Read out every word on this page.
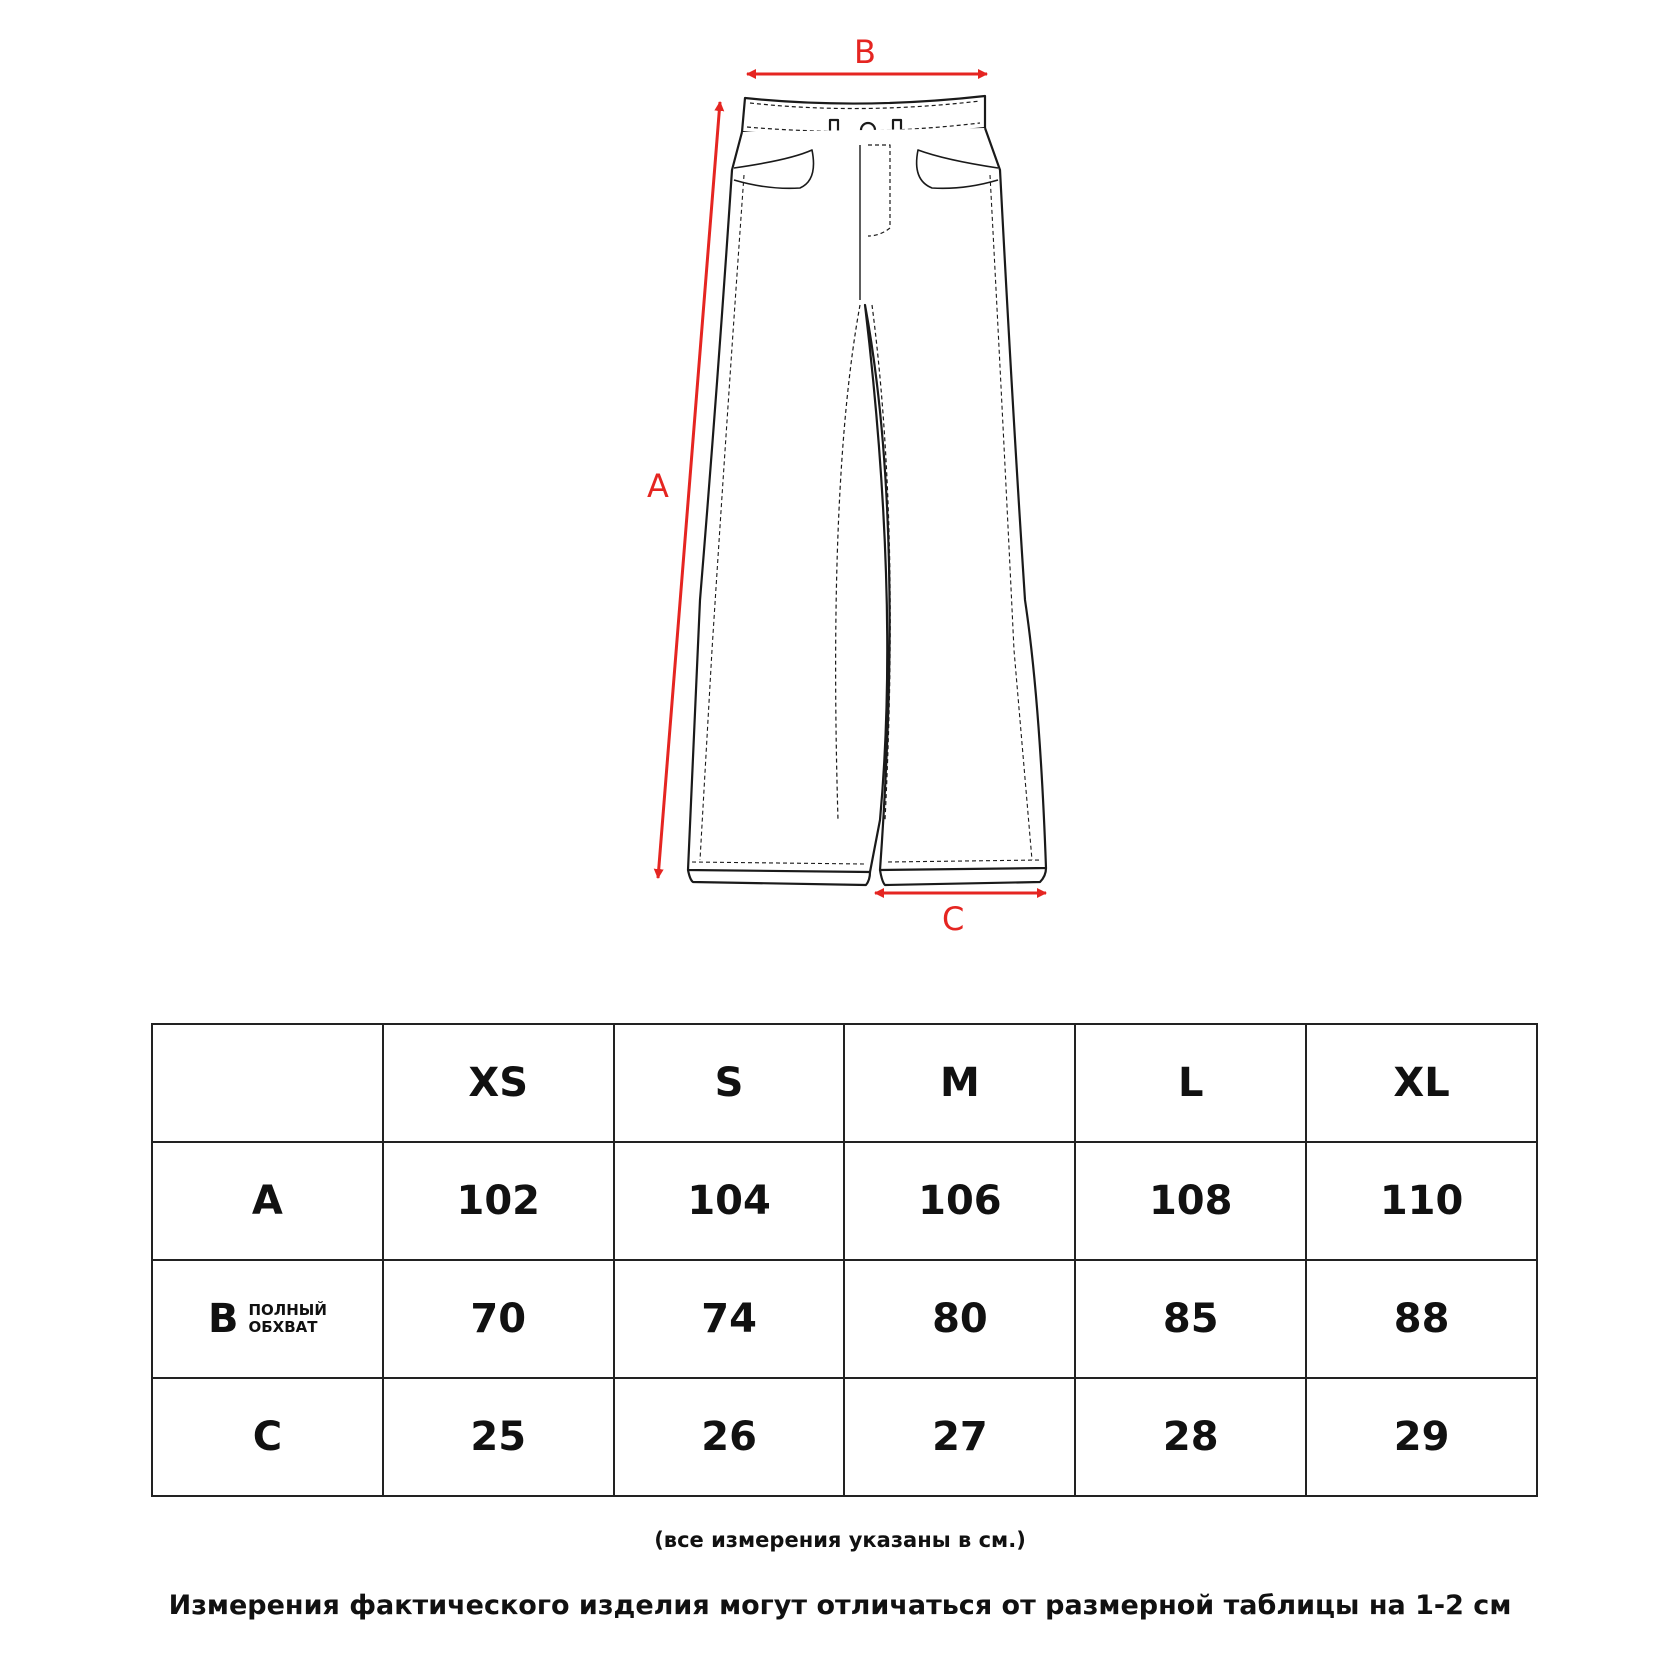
B
A
C
	XS	S	M	L	XL
A	102	104	106	108	110

B ПОЛНЫЙ
ОБХВАТ	70	74	80	85	88
C	25	26	27	28	29
(все измерения указаны в см.)
Измерения фактического изделия могут отличаться от размерной таблицы на 1-2 см
